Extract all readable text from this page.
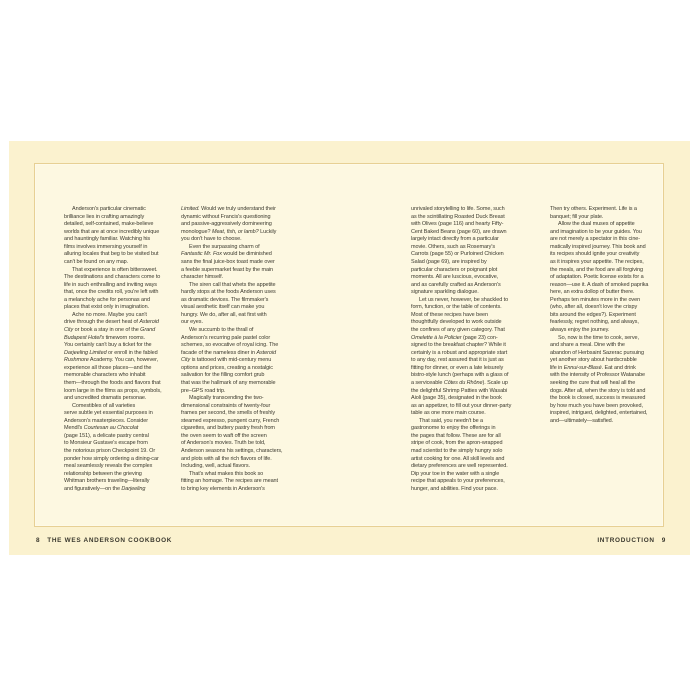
Anderson's particular cinematic
brilliance lies in crafting amazingly
detailed, self-contained, make-believe
worlds that are at once incredibly unique
and hauntingly familiar. Watching his
films involves immersing yourself in
alluring locales that beg to be visited but
can't be found on any map.
That experience is often bittersweet.
The destinations and characters come to
life in such enthralling and inviting ways
that, once the credits roll, you're left with
a melancholy ache for personas and
places that exist only in imagination.
Ache no more. Maybe you can't
drive through the desert heat of Asteroid
City or book a stay in one of the Grand
Budapest Hotel's timeworn rooms.
You certainly can't buy a ticket for the
Darjeeling Limited or enroll in the fabled
Rushmore Academy. You can, however,
experience all those places—and the
memorable characters who inhabit
them—through the foods and flavors that
loom large in the films as props, symbols,
and uncredited dramatis personae.
Comestibles of all varieties
serve subtle yet essential purposes in
Anderson's masterpieces. Consider
Mendl's Courtesan au Chocolat
(page 151), a delicate pastry central
to Monsieur Gustave's escape from
the notorious prison Checkpoint 19. Or
ponder how simply ordering a dining-car
meal seamlessly reveals the complex
relationship between the grieving
Whitman brothers traveling—literally
and figuratively—on the Darjeeling
Limited. Would we truly understand their
dynamic without Francis's questioning
and passive-aggressively domineering
monologue? Meat, fish, or lamb? Luckily
you don't have to choose.
Even the surpassing charm of
Fantastic Mr. Fox would be diminished
sans the final juice-box toast made over
a feeble supermarket feast by the main
character himself.
The siren call that whets the appetite
hardly stops at the foods Anderson uses
as dramatic devices. The filmmaker's
visual aesthetic itself can make you
hungry. We do, after all, eat first with
our eyes.
We succumb to the thrall of
Anderson's recurring pale pastel color
schemes, so evocative of royal icing. The
facade of the nameless diner in Asteroid
City is tattooed with mid-century menu
options and prices, creating a nostalgic
salivation for the filling comfort grub
that was the hallmark of any memorable
pre–GPS road trip.
Magically transcending the two-
dimensional constraints of twenty-four
frames per second, the smells of freshly
steamed espresso, pungent curry, French
cigarettes, and buttery pastry fresh from
the oven seem to waft off the screen
of Anderson's movies. Truth be told,
Anderson seasons his settings, characters,
and plots with all the rich flavors of life.
Including, well, actual flavors.
That's what makes this book so
fitting an homage. The recipes are meant
to bring key elements in Anderson's
unrivaled storytelling to life. Some, such
as the scintillating Roasted Duck Breast
with Olives (page 116) and hearty Fifty-
Cent Baked Beans (page 60), are drawn
largely intact directly from a particular
movie. Others, such as Rosemary's
Carrots (page 55) or Purloined Chicken
Salad (page 69), are inspired by
particular characters or poignant plot
moments. All are luscious, evocative,
and as carefully crafted as Anderson's
signature sparkling dialogue.
Let us never, however, be shackled to
form, function, or the table of contents.
Most of these recipes have been
thoughtfully developed to work outside
the confines of any given category. That
Omelette à la Policier (page 23) con-
signed to the breakfast chapter? While it
certainly is a robust and appropriate start
to any day, rest assured that it is just as
fitting for dinner, or even a late leisurely
bistro-style lunch (perhaps with a glass of
a serviceable Côtes du Rhône). Scale up
the delightful Shrimp Patties with Wasabi
Aioli (page 35), designated in the book
as an appetizer, to fill out your dinner-party
table as one more main course.
That said, you needn't be a
gastronome to enjoy the offerings in
the pages that follow. These are for all
stripe of cook, from the apron-wrapped
mad scientist to the simply hungry solo
artist cooking for one. All skill levels and
dietary preferences are well represented.
Dip your toe in the water with a single
recipe that appeals to your preferences,
hunger, and abilities. Find your pace.
Then try others. Experiment. Life is a
banquet; fill your plate.
Allow the dual muses of appetite
and imagination to be your guides. You
are not merely a spectator in this cine-
matically inspired journey. This book and
its recipes should ignite your creativity
as it inspires your appetite. The recipes,
the meals, and the food are all forgiving
of adaptation. Poetic license exists for a
reason—use it. A dash of smoked paprika
here, an extra dollop of butter there.
Perhaps ten minutes more in the oven
(who, after all, doesn't love the crispy
bits around the edges?). Experiment
fearlessly, regret nothing, and always,
always enjoy the journey.
So, now is the time to cook, serve,
and share a meal. Dine with the
abandon of Herbsaint Sazerac pursuing
yet another story about hardscrabble
life in Ennui-sur-Blasé. Eat and drink
with the intensity of Professor Watanabe
seeking the cure that will heal all the
dogs. After all, when the story is told and
the book is closed, success is measured
by how much you have been provoked,
inspired, intrigued, delighted, entertained,
and—ultimately—satisfied.
8 THE WES ANDERSON COOKBOOK	INTRODUCTION 9
